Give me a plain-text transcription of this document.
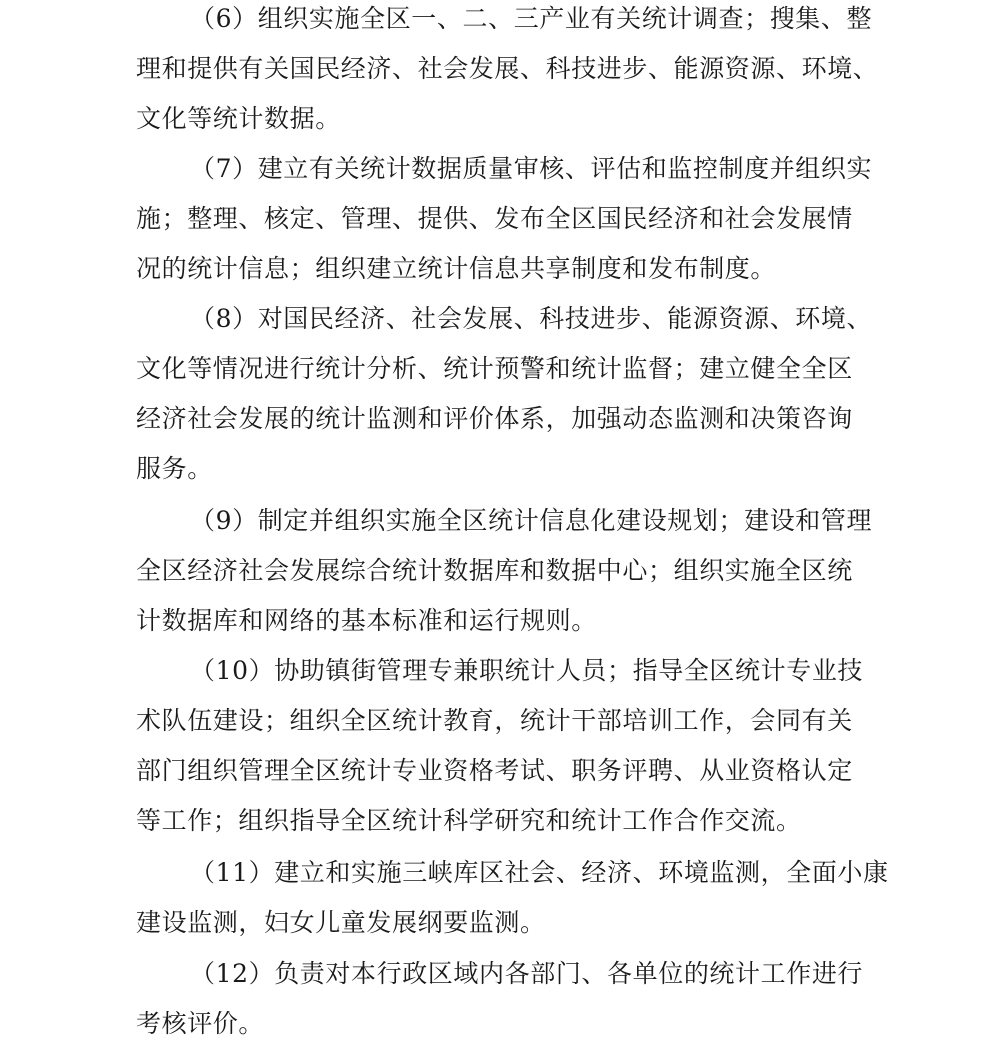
（6）组织实施全区一、二、三产业有关统计调查；搜集、整
理和提供有关国民经济、社会发展、科技进步、能源资源、环境、
文化等统计数据。
（7）建立有关统计数据质量审核、评估和监控制度并组织实
施；整理、核定、管理、提供、发布全区国民经济和社会发展情
况的统计信息；组织建立统计信息共享制度和发布制度。
（8）对国民经济、社会发展、科技进步、能源资源、环境、
文化等情况进行统计分析、统计预警和统计监督；建立健全全区
经济社会发展的统计监测和评价体系，加强动态监测和决策咨询
服务。
（9）制定并组织实施全区统计信息化建设规划；建设和管理
全区经济社会发展综合统计数据库和数据中心；组织实施全区统
计数据库和网络的基本标准和运行规则。
（10）协助镇街管理专兼职统计人员；指导全区统计专业技
术队伍建设；组织全区统计教育，统计干部培训工作，会同有关
部门组织管理全区统计专业资格考试、职务评聘、从业资格认定
等工作；组织指导全区统计科学研究和统计工作合作交流。
（11）建立和实施三峡库区社会、经济、环境监测，全面小康
建设监测，妇女儿童发展纲要监测。
（12）负责对本行政区域内各部门、各单位的统计工作进行
考核评价。
